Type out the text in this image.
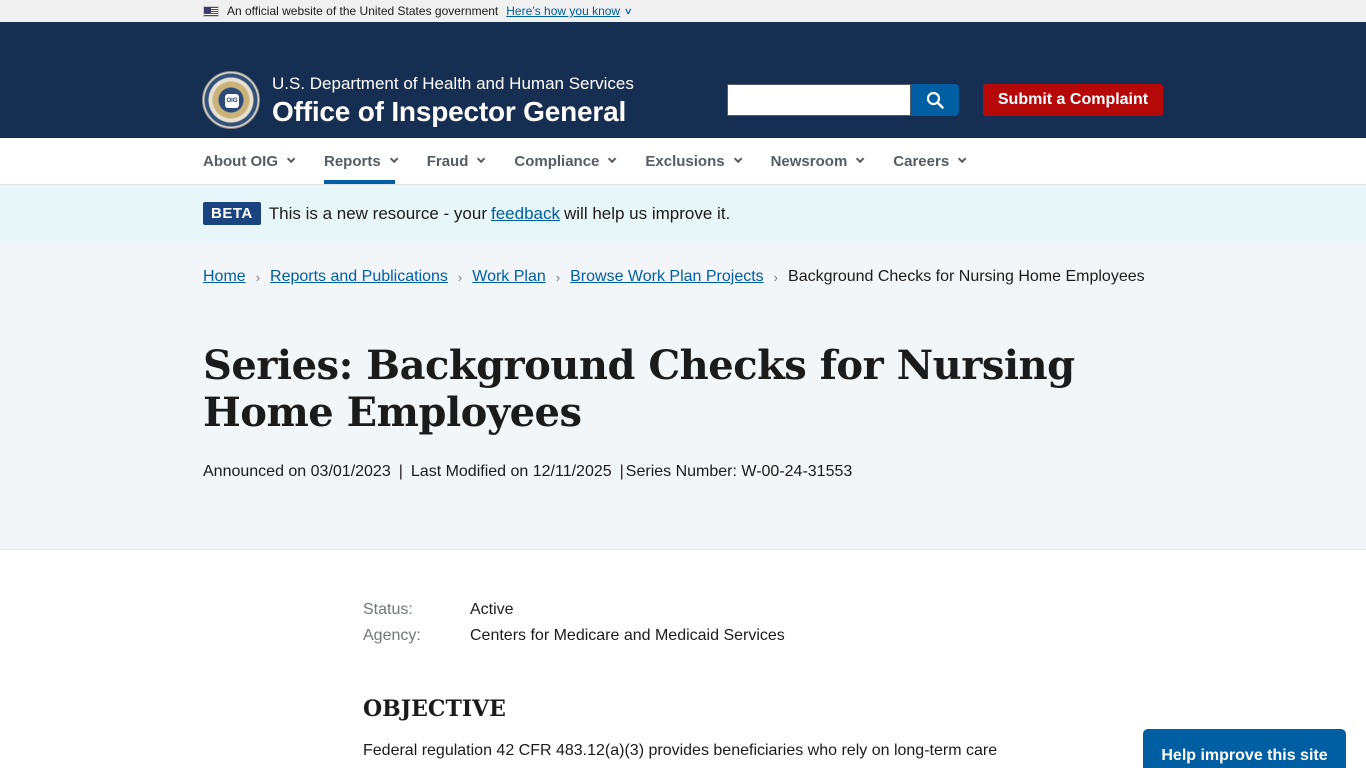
An official website of the United States government Here’s how you know ∨
OIG
U.S. Department of Health and Human Services
Office of Inspector General	Submit a Complaint
About OIG	Reports	Fraud	Compliance	Exclusions	Newsroom	Careers
BETA This is a new resource - your feedback will help us improve it.
Home › Reports and Publications › Work Plan › Browse Work Plan Projects › Background Checks for Nursing Home Employees
Series: Background Checks for Nursing Home Employees
Announced on 03/01/2023 | Last Modified on 12/11/2025 | Series Number: W-00-24-31553
Status:	Active
Agency:	Centers for Medicare and Medicaid Services
OBJECTIVE

Federal regulation 42 CFR 483.12(a)(3) provides beneficiaries who rely on long-term care	Help improve this site
